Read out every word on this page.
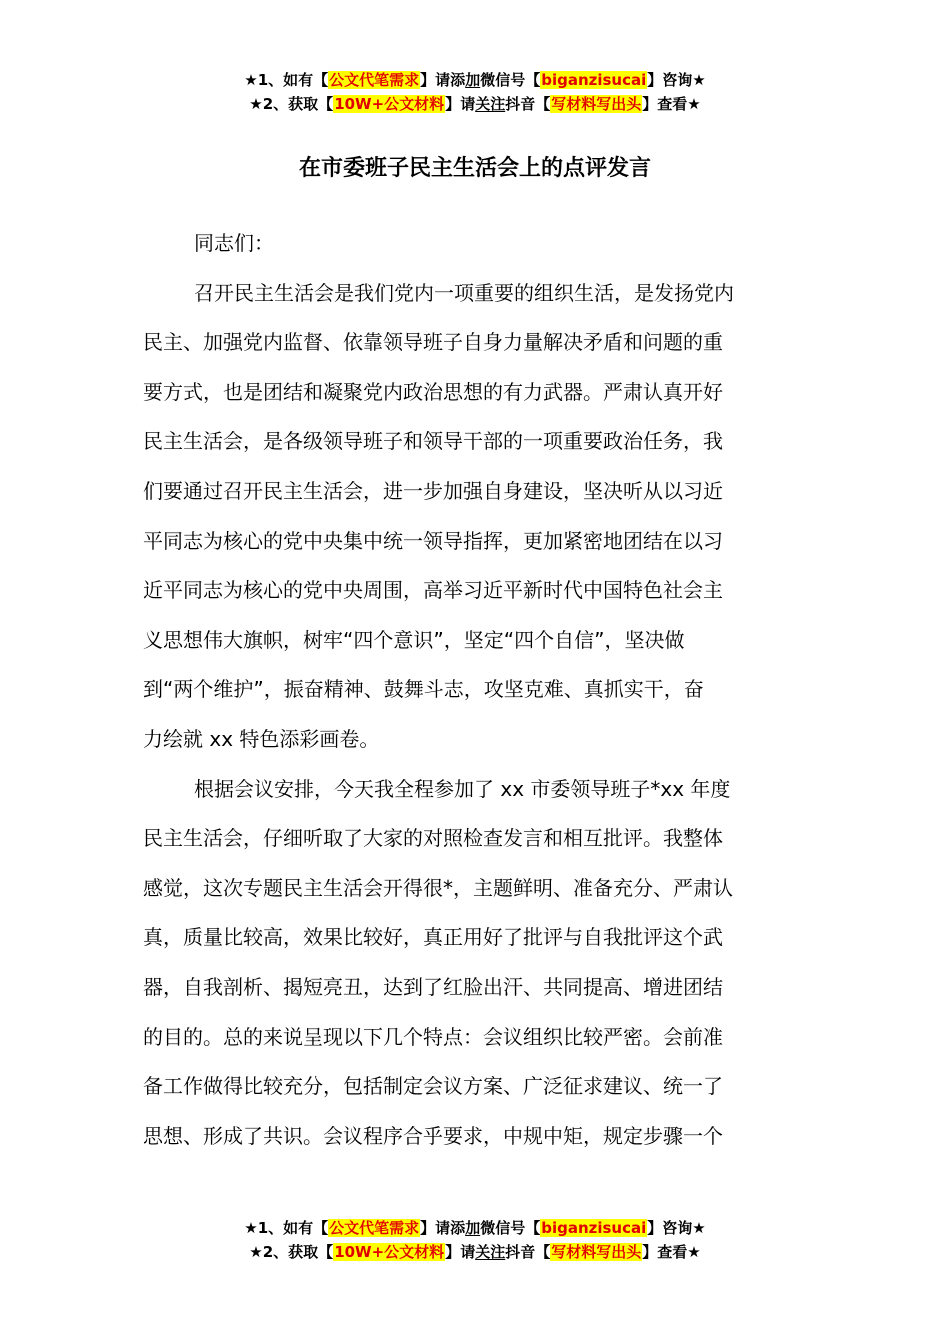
★1、如有【公文代笔需求】请添加微信号【biganzisucai】咨询★
★2、获取【10W+公文材料】请关注抖音【写材料写出头】查看★
在市委班子民主生活会上的点评发言
同志们：
召开民主生活会是我们党内一项重要的组织生活，是发扬党内
民主、加强党内监督、依靠领导班子自身力量解决矛盾和问题的重
要方式，也是团结和凝聚党内政治思想的有力武器。严肃认真开好
民主生活会，是各级领导班子和领导干部的一项重要政治任务，我
们要通过召开民主生活会，进一步加强自身建设，坚决听从以习近
平同志为核心的党中央集中统一领导指挥，更加紧密地团结在以习
近平同志为核心的党中央周围，高举习近平新时代中国特色社会主
义思想伟大旗帜，树牢“四个意识”，坚定“四个自信”，坚决做
到“两个维护”，振奋精神、鼓舞斗志，攻坚克难、真抓实干，奋
力绘就 xx 特色添彩画卷。
根据会议安排，今天我全程参加了 xx 市委领导班子*xx 年度
民主生活会，仔细听取了大家的对照检查发言和相互批评。我整体
感觉，这次专题民主生活会开得很*，主题鲜明、准备充分、严肃认
真，质量比较高，效果比较好，真正用好了批评与自我批评这个武
器，自我剖析、揭短亮丑，达到了红脸出汗、共同提高、增进团结
的目的。总的来说呈现以下几个特点：会议组织比较严密。会前准
备工作做得比较充分，包括制定会议方案、广泛征求建议、统一了
思想、形成了共识。会议程序合乎要求，中规中矩，规定步骤一个
★1、如有【公文代笔需求】请添加微信号【biganzisucai】咨询★
★2、获取【10W+公文材料】请关注抖音【写材料写出头】查看★
